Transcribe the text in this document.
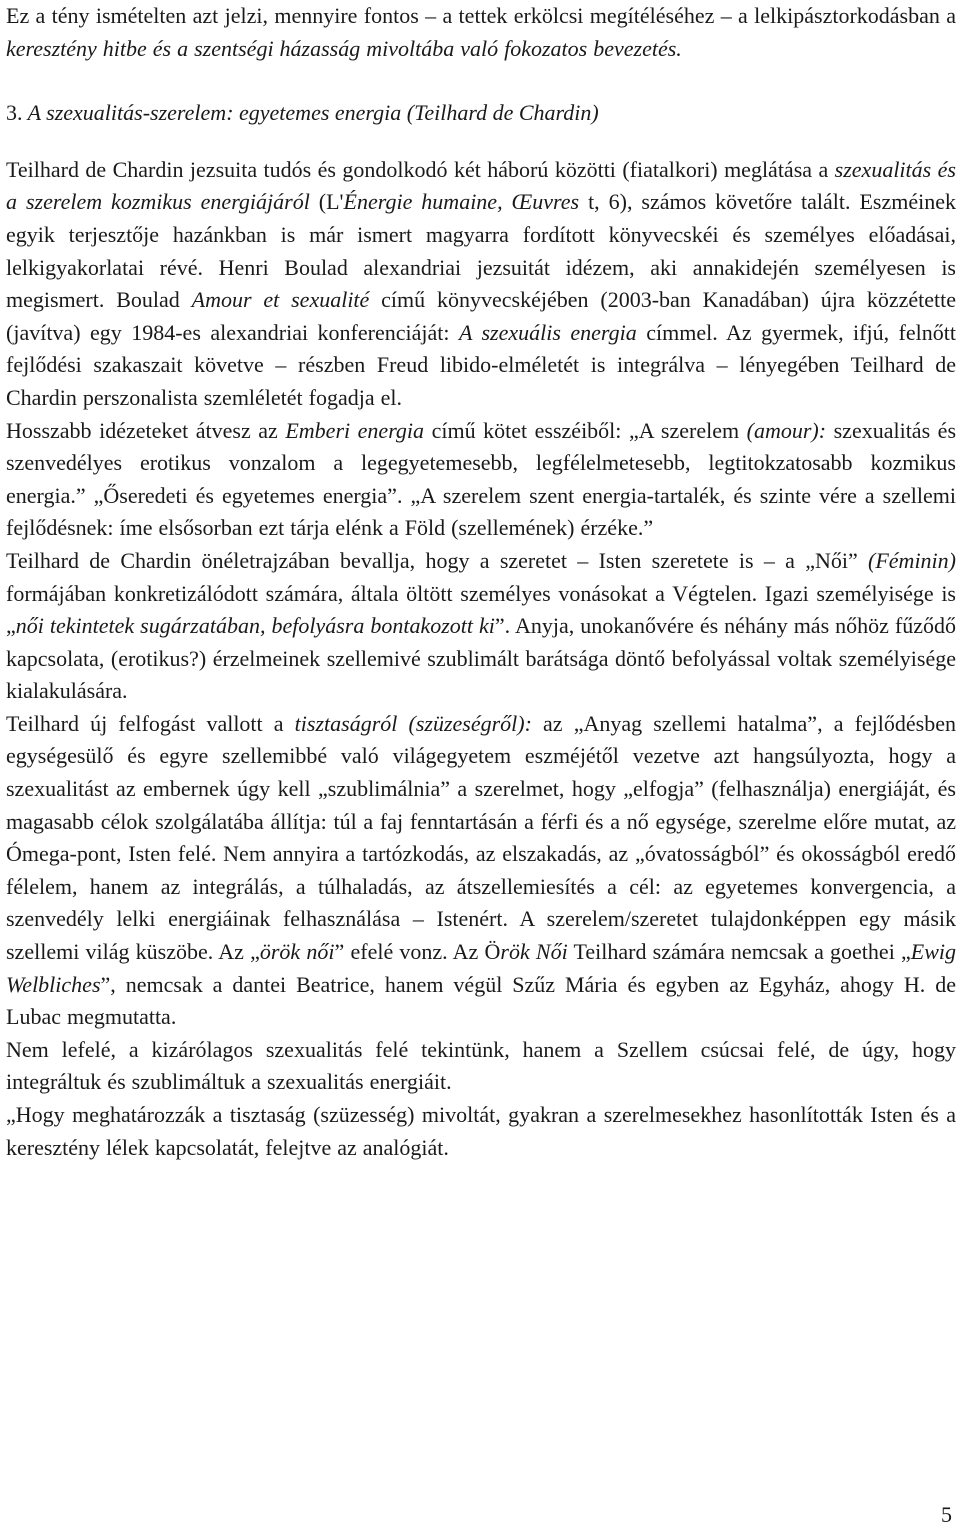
Ez a tény ismételten azt jelzi, mennyire fontos – a tettek erkölcsi megítéléséhez – a lelkipásztorkodásban a keresztény hitbe és a szentségi házasság mivoltába való fokozatos bevezetés.

3. A szexualitás-szerelem: egyetemes energia (Teilhard de Chardin)

Teilhard de Chardin jezsuita tudós és gondolkodó két háború közötti (fiatalkori) meglátása a szexualitás és a szerelem kozmikus energiájáról (L'Énergie humaine, Œuvres t, 6), számos követőre talált. Eszméinek egyik terjesztője hazánkban is már ismert magyarra fordított könyvecskéi és személyes előadásai, lelkigyakorlatai révé. Henri Boulad alexandriai jezsuitát idézem, aki annakidején személyesen is megismert. Boulad Amour et sexualité című könyvecskéjében (2003-ban Kanadában) újra közzétette (javítva) egy 1984-es alexandriai konferenciáját: A szexuális energia címmel. Az gyermek, ifjú, felnőtt fejlődési szakaszait követve – részben Freud libido-elméletét is integrálva – lényegében Teilhard de Chardin perszonalista szemléletét fogadja el.

Hosszabb idézeteket átvesz az Emberi energia című kötet esszéiből: „A szerelem (amour): szexualitás és szenvedélyes erotikus vonzalom a legegyetemesebb, legfélelmetesebb, legtitokzatosabb kozmikus energia.” „Őseredeti és egyetemes energia”. „A szerelem szent energia-tartalék, és szinte vére a szellemi fejlődésnek: íme elsősorban ezt tárja elénk a Föld (szellemének) érzéke.”

Teilhard de Chardin önéletrajzában bevallja, hogy a szeretet – Isten szeretete is – a „Női” (Féminin) formájában konkretizálódott számára, általa öltött személyes vonásokat a Végtelen. Igazi személyisége is „női tekintetek sugárzatában, befolyásra bontakozott ki”. Anyja, unokanővére és néhány más nőhöz fűződő kapcsolata, (erotikus?) érzelmeinek szellemivé szublimált barátsága döntő befolyással voltak személyisége kialakulására.

Teilhard új felfogást vallott a tisztaságról (szüzeségről): az „Anyag szellemi hatalma”, a fejlődésben egységesülő és egyre szellemibbé való világegyetem eszméjétől vezetve azt hangsúlyozta, hogy a szexualitást az embernek úgy kell „szublimálnia” a szerelmet, hogy „elfogja” (felhasználja) energiáját, és magasabb célok szolgálatába állítja: túl a faj fenntartásán a férfi és a nő egysége, szerelme előre mutat, az Ómega-pont, Isten felé. Nem annyira a tartózkodás, az elszakadás, az „óvatosságból” és okosságból eredő félelem, hanem az integrálás, a túlhaladás, az átszellemiesítés a cél: az egyetemes konvergencia, a szenvedély lelki energiáinak felhasználása – Istenért. A szerelem/szeretet tulajdonképpen egy másik szellemi világ küszöbe. Az „örök női” efelé vonz. Az Örök Női Teilhard számára nemcsak a goethei „Ewig Welbliches”, nemcsak a dantei Beatrice, hanem végül Szűz Mária és egyben az Egyház, ahogy H. de Lubac megmutatta.

Nem lefelé, a kizárólagos szexualitás felé tekintünk, hanem a Szellem csúcsai felé, de úgy, hogy integráltuk és szublimáltuk a szexualitás energiáit.

„Hogy meghatározzák a tisztaság (szüzesség) mivoltát, gyakran a szerelmesekhez hasonlították Isten és a keresztény lélek kapcsolatát, felejtve az analógiát.

5
